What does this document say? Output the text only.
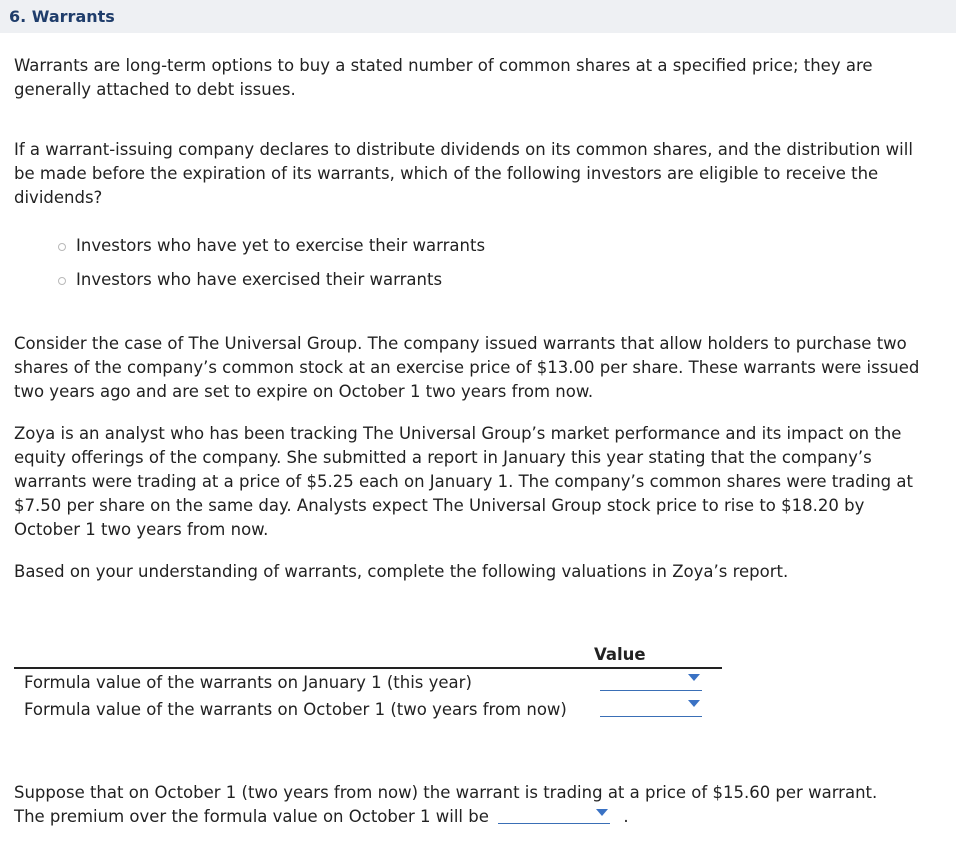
6. Warrants

Warrants are long-term options to buy a stated number of common shares at a specified price; they are generally attached to debt issues.

If a warrant-issuing company declares to distribute dividends on its common shares, and the distribution will be made before the expiration of its warrants, which of the following investors are eligible to receive the dividends?

Investors who have yet to exercise their warrants
Investors who have exercised their warrants

Consider the case of The Universal Group. The company issued warrants that allow holders to purchase two shares of the company’s common stock at an exercise price of $13.00 per share. These warrants were issued two years ago and are set to expire on October 1 two years from now.

Zoya is an analyst who has been tracking The Universal Group’s market performance and its impact on the equity offerings of the company. She submitted a report in January this year stating that the company’s warrants were trading at a price of $5.25 each on January 1. The company’s common shares were trading at $7.50 per share on the same day. Analysts expect The Universal Group stock price to rise to $18.20 by October 1 two years from now.

Based on your understanding of warrants, complete the following valuations in Zoya’s report.

Value
Formula value of the warrants on January 1 (this year)
Formula value of the warrants on October 1 (two years from now)

Suppose that on October 1 (two years from now) the warrant is trading at a price of $15.60 per warrant. The premium over the formula value on October 1 will be	.
